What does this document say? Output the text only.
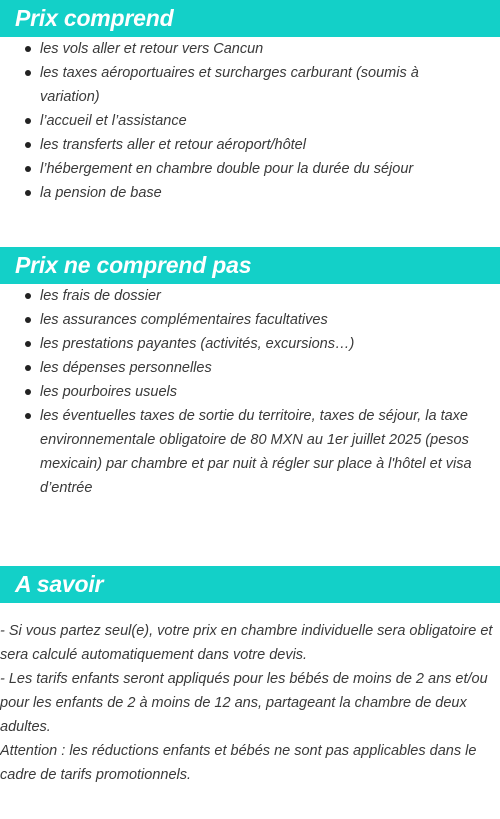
Prix comprend
les vols aller et retour vers Cancun
les taxes aéroportuaires et surcharges carburant (soumis à variation)
l’accueil et l’assistance
les transferts aller et retour aéroport/hôtel
l’hébergement en chambre double pour la durée du séjour
la pension de base
Prix ne comprend pas
les frais de dossier
les assurances complémentaires facultatives
les prestations payantes (activités, excursions…)
les dépenses personnelles
les pourboires usuels
les éventuelles taxes de sortie du territoire, taxes de séjour, la taxe environnementale obligatoire de 80 MXN au 1er juillet 2025 (pesos mexicain) par chambre et par nuit à régler sur place à l'hôtel et visa d’entrée
A savoir
- Si vous partez seul(e), votre prix en chambre individuelle sera obligatoire et sera calculé automatiquement dans votre devis.
- Les tarifs enfants seront appliqués pour les bébés de moins de 2 ans et/ou pour les enfants de 2 à moins de 12 ans, partageant la chambre de deux adultes.
Attention : les réductions enfants et bébés ne sont pas applicables dans le cadre de tarifs promotionnels.
